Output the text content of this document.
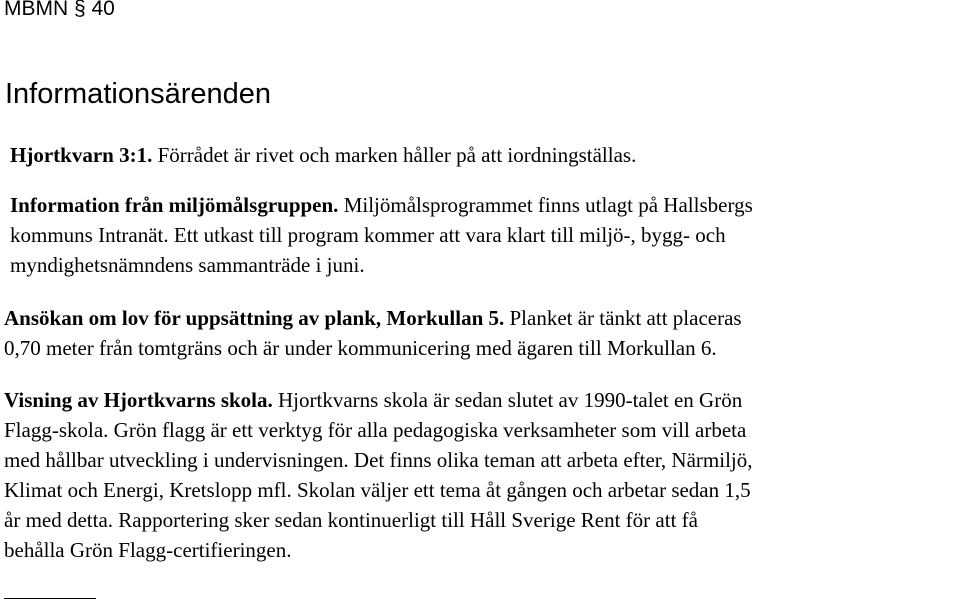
MBMN § 40
Informationsärenden

Hjortkvarn 3:1. Förrådet är rivet och marken håller på att iordningställas.

Information från miljömålsgruppen. Miljömålsprogrammet finns utlagt på Hallsbergs
kommuns Intranät. Ett utkast till program kommer att vara klart till miljö-, bygg- och
myndighetsnämndens sammanträde i juni.

Ansökan om lov för uppsättning av plank, Morkullan 5. Planket är tänkt att placeras
0,70 meter från tomtgräns och är under kommunicering med ägaren till Morkullan 6.

Visning av Hjortkvarns skola. Hjortkvarns skola är sedan slutet av 1990-talet en Grön
Flagg-skola. Grön flagg är ett verktyg för alla pedagogiska verksamheter som vill arbeta
med hållbar utveckling i undervisningen. Det finns olika teman att arbeta efter, Närmiljö,
Klimat och Energi, Kretslopp mfl. Skolan väljer ett tema åt gången och arbetar sedan 1,5
år med detta. Rapportering sker sedan kontinuerligt till Håll Sverige Rent för att få
behålla Grön Flagg-certifieringen.
